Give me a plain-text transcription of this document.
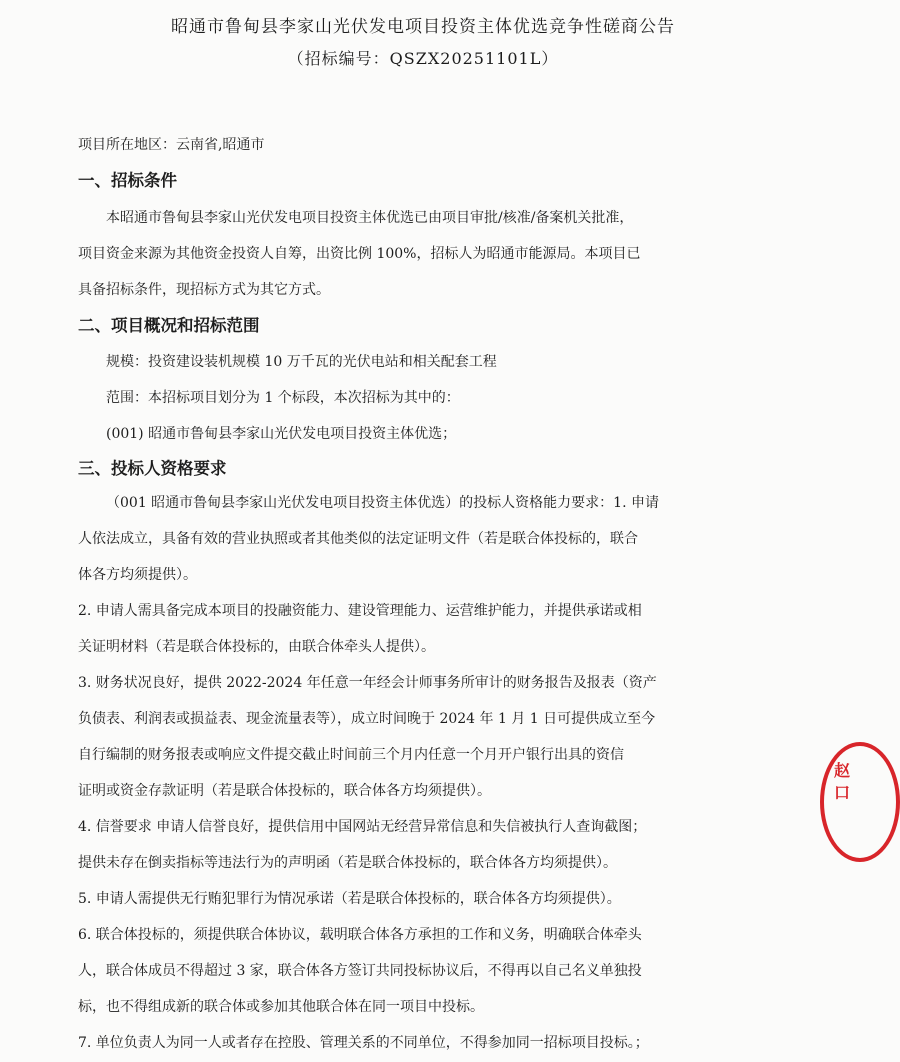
昭通市鲁甸县李家山光伏发电项目投资主体优选竞争性磋商公告
（招标编号：QSZX20251101L）
项目所在地区：云南省,昭通市
一、招标条件
本昭通市鲁甸县李家山光伏发电项目投资主体优选已由项目审批/核准/备案机关批准，
项目资金来源为其他资金投资人自筹，出资比例 100%，招标人为昭通市能源局。本项目已
具备招标条件，现招标方式为其它方式。
二、项目概况和招标范围
规模：投资建设装机规模 10 万千瓦的光伏电站和相关配套工程
范围：本招标项目划分为 1 个标段，本次招标为其中的：
(001) 昭通市鲁甸县李家山光伏发电项目投资主体优选；
三、投标人资格要求
（001 昭通市鲁甸县李家山光伏发电项目投资主体优选）的投标人资格能力要求：1. 申请
人依法成立，具备有效的营业执照或者其他类似的法定证明文件（若是联合体投标的，联合
体各方均须提供）。
2. 申请人需具备完成本项目的投融资能力、建设管理能力、运营维护能力，并提供承诺或相
关证明材料（若是联合体投标的，由联合体牵头人提供）。
3. 财务状况良好，提供 2022-2024 年任意一年经会计师事务所审计的财务报告及报表（资产
负债表、利润表或损益表、现金流量表等），成立时间晚于 2024 年 1 月 1 日可提供成立至今
自行编制的财务报表或响应文件提交截止时间前三个月内任意一个月开户银行出具的资信
证明或资金存款证明（若是联合体投标的，联合体各方均须提供）。
4. 信誉要求 申请人信誉良好，提供信用中国网站无经营异常信息和失信被执行人查询截图；
提供未存在倒卖指标等违法行为的声明函（若是联合体投标的，联合体各方均须提供）。
5. 申请人需提供无行贿犯罪行为情况承诺（若是联合体投标的，联合体各方均须提供）。
6. 联合体投标的，须提供联合体协议，载明联合体各方承担的工作和义务，明确联合体牵头
人，联合体成员不得超过 3 家，联合体各方签订共同投标协议后，不得再以自己名义单独投
标，也不得组成新的联合体或参加其他联合体在同一项目中投标。
7. 单位负责人为同一人或者存在控股、管理关系的不同单位，不得参加同一招标项目投标。；
赵
口
